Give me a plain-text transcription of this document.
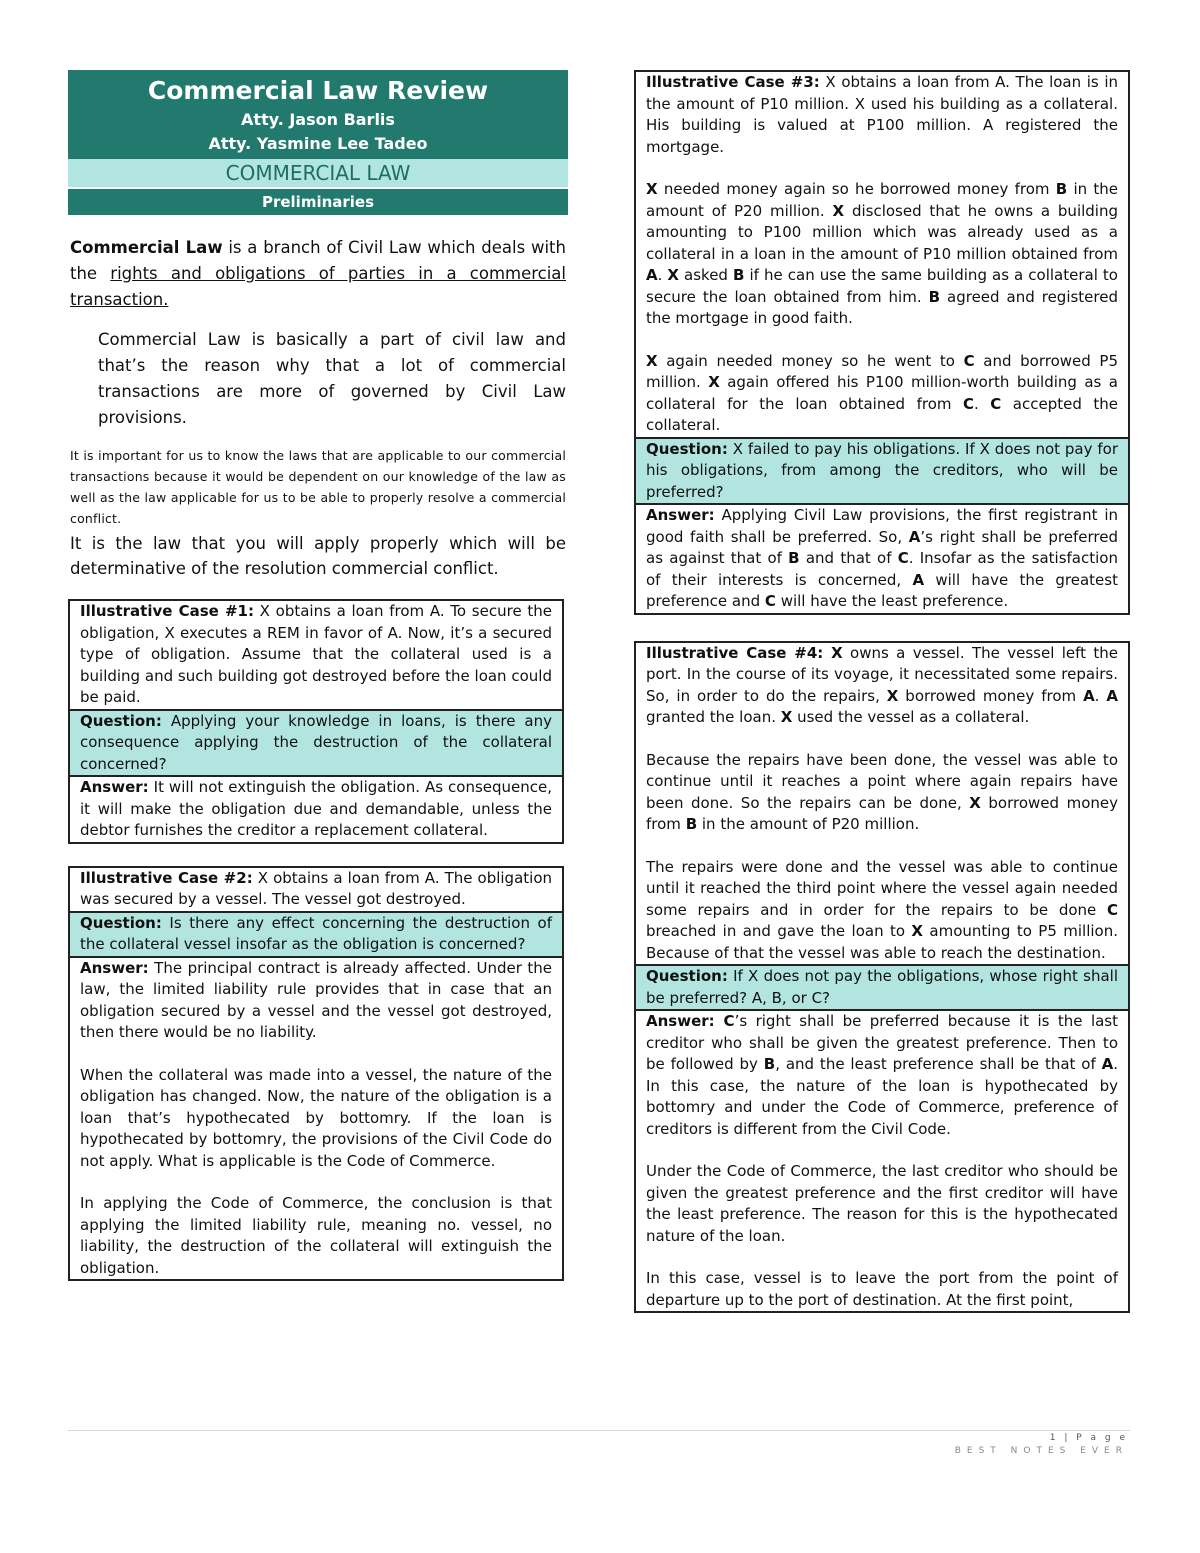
Commercial Law Review
Atty. Jason Barlis
Atty. Yasmine Lee Tadeo
COMMERCIAL LAW
Preliminaries

Commercial Law is a branch of Civil Law which deals with the rights and obligations of parties in a commercial transaction.

Commercial Law is basically a part of civil law and that’s the reason why that a lot of commercial transactions are more of governed by Civil Law provisions.

It is important for us to know the laws that are applicable to our commercial transactions because it would be dependent on our knowledge of the law as well as the law applicable for us to be able to properly resolve a commercial conflict.

It is the law that you will apply properly which will be determinative of the resolution commercial conflict.

Illustrative Case #1: X obtains a loan from A. To secure the obligation, X executes a REM in favor of A. Now, it’s a secured type of obligation. Assume that the collateral used is a building and such building got destroyed before the loan could be paid.
Question: Applying your knowledge in loans, is there any consequence applying the destruction of the collateral concerned?
Answer: It will not extinguish the obligation. As consequence, it will make the obligation due and demandable, unless the debtor furnishes the creditor a replacement collateral.
Illustrative Case #2: X obtains a loan from A. The obligation was secured by a vessel. The vessel got destroyed.
Question: Is there any effect concerning the destruction of the collateral vessel insofar as the obligation is concerned?

Answer: The principal contract is already affected. Under the law, the limited liability rule provides that in case that an obligation secured by a vessel and the vessel got destroyed, then there would be no liability.

When the collateral was made into a vessel, the nature of the obligation has changed. Now, the nature of the obligation is a loan that’s hypothecated by bottomry. If the loan is hypothecated by bottomry, the provisions of the Civil Code do not apply. What is applicable is the Code of Commerce.

In applying the Code of Commerce, the conclusion is that applying the limited liability rule, meaning no. vessel, no liability, the destruction of the collateral will extinguish the obligation.

Illustrative Case #3: X obtains a loan from A. The loan is in the amount of P10 million. X used his building as a collateral. His building is valued at P100 million. A registered the mortgage.

X needed money again so he borrowed money from B in the amount of P20 million. X disclosed that he owns a building amounting to P100 million which was already used as a collateral in a loan in the amount of P10 million obtained from A. X asked B if he can use the same building as a collateral to secure the loan obtained from him. B agreed and registered the mortgage in good faith.

X again needed money so he went to C and borrowed P5 million. X again offered his P100 million-worth building as a collateral for the loan obtained from C. C accepted the collateral.

Question: X failed to pay his obligations. If X does not pay for his obligations, from among the creditors, who will be preferred?
Answer: Applying Civil Law provisions, the first registrant in good faith shall be preferred. So, A’s right shall be preferred as against that of B and that of C. Insofar as the satisfaction of their interests is concerned, A will have the greatest preference and C will have the least preference.

Illustrative Case #4: X owns a vessel. The vessel left the port. In the course of its voyage, it necessitated some repairs. So, in order to do the repairs, X borrowed money from A. A granted the loan. X used the vessel as a collateral.

Because the repairs have been done, the vessel was able to continue until it reaches a point where again repairs have been done. So the repairs can be done, X borrowed money from B in the amount of P20 million.

The repairs were done and the vessel was able to continue until it reached the third point where the vessel again needed some repairs and in order for the repairs to be done C breached in and gave the loan to X amounting to P5 million. Because of that the vessel was able to reach the destination.

Question: If X does not pay the obligations, whose right shall be preferred? A, B, or C?

Answer: C’s right shall be preferred because it is the last creditor who shall be given the greatest preference. Then to be followed by B, and the least preference shall be that of A. In this case, the nature of the loan is hypothecated by bottomry and under the Code of Commerce, preference of creditors is different from the Civil Code.

Under the Code of Commerce, the last creditor who should be given the greatest preference and the first creditor will have the least preference. The reason for this is the hypothecated nature of the loan.

In this case, vessel is to leave the port from the point of departure up to the port of destination. At the first point,

1 | P a g e
BEST NOTES EVER
